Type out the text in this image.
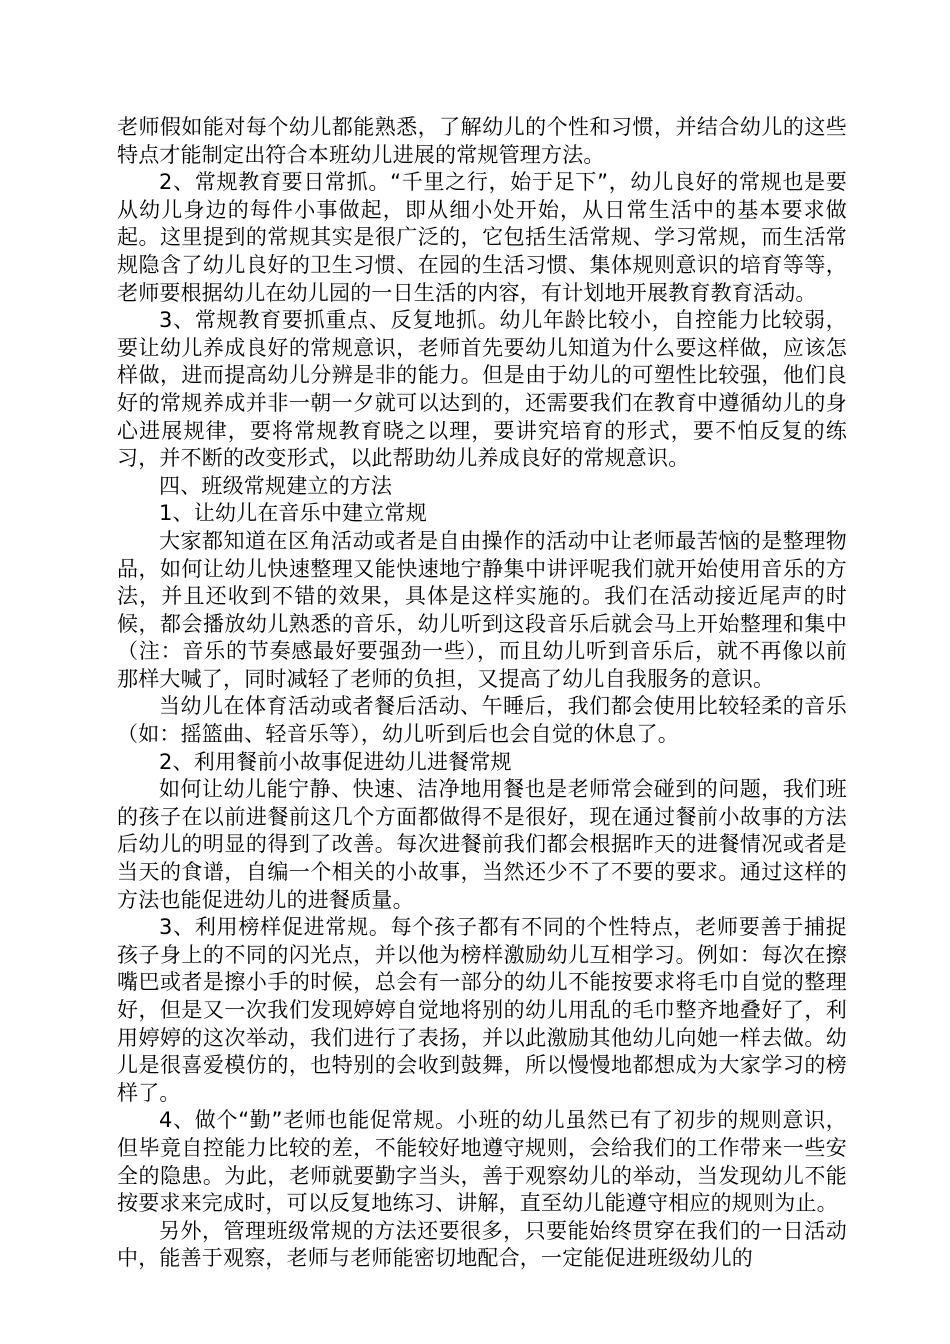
老师假如能对每个幼儿都能熟悉，了解幼儿的个性和习惯，并结合幼儿的这些特点才能制定出符合本班幼儿进展的常规管理方法。

2、常规教育要日常抓。“千里之行，始于足下”，幼儿良好的常规也是要从幼儿身边的每件小事做起，即从细小处开始，从日常生活中的基本要求做起。这里提到的常规其实是很广泛的，它包括生活常规、学习常规，而生活常规隐含了幼儿良好的卫生习惯、在园的生活习惯、集体规则意识的培育等等，老师要根据幼儿在幼儿园的一日生活的内容，有计划地开展教育教育活动。

3、常规教育要抓重点、反复地抓。幼儿年龄比较小，自控能力比较弱，要让幼儿养成良好的常规意识，老师首先要幼儿知道为什么要这样做，应该怎样做，进而提高幼儿分辨是非的能力。但是由于幼儿的可塑性比较强，他们良好的常规养成并非一朝一夕就可以达到的，还需要我们在教育中遵循幼儿的身心进展规律，要将常规教育晓之以理，要讲究培育的形式，要不怕反复的练习，并不断的改变形式，以此帮助幼儿养成良好的常规意识。

四、班级常规建立的方法

1、让幼儿在音乐中建立常规

大家都知道在区角活动或者是自由操作的活动中让老师最苦恼的是整理物品，如何让幼儿快速整理又能快速地宁静集中讲评呢我们就开始使用音乐的方法，并且还收到不错的效果，具体是这样实施的。我们在活动接近尾声的时候，都会播放幼儿熟悉的音乐，幼儿听到这段音乐后就会马上开始整理和集中（注：音乐的节奏感最好要强劲一些），而且幼儿听到音乐后，就不再像以前那样大喊了，同时减轻了老师的负担，又提高了幼儿自我服务的意识。

当幼儿在体育活动或者餐后活动、午睡后，我们都会使用比较轻柔的音乐（如：摇篮曲、轻音乐等），幼儿听到后也会自觉的休息了。

2、利用餐前小故事促进幼儿进餐常规

如何让幼儿能宁静、快速、洁净地用餐也是老师常会碰到的问题，我们班的孩子在以前进餐前这几个方面都做得不是很好，现在通过餐前小故事的方法后幼儿的明显的得到了改善。每次进餐前我们都会根据昨天的进餐情况或者是当天的食谱，自编一个相关的小故事，当然还少不了不要的要求。通过这样的方法也能促进幼儿的进餐质量。

3、利用榜样促进常规。每个孩子都有不同的个性特点，老师要善于捕捉孩子身上的不同的闪光点，并以他为榜样激励幼儿互相学习。例如：每次在擦嘴巴或者是擦小手的时候，总会有一部分的幼儿不能按要求将毛巾自觉的整理好，但是又一次我们发现婷婷自觉地将别的幼儿用乱的毛巾整齐地叠好了，利用婷婷的这次举动，我们进行了表扬，并以此激励其他幼儿向她一样去做。幼儿是很喜爱模仿的，也特别的会收到鼓舞，所以慢慢地都想成为大家学习的榜样了。

4、做个“勤”老师也能促常规。小班的幼儿虽然已有了初步的规则意识，但毕竟自控能力比较的差，不能较好地遵守规则，会给我们的工作带来一些安全的隐患。为此，老师就要勤字当头，善于观察幼儿的举动，当发现幼儿不能按要求来完成时，可以反复地练习、讲解，直至幼儿能遵守相应的规则为止。

另外，管理班级常规的方法还要很多，只要能始终贯穿在我们的一日活动中，能善于观察，老师与老师能密切地配合，一定能促进班级幼儿的
